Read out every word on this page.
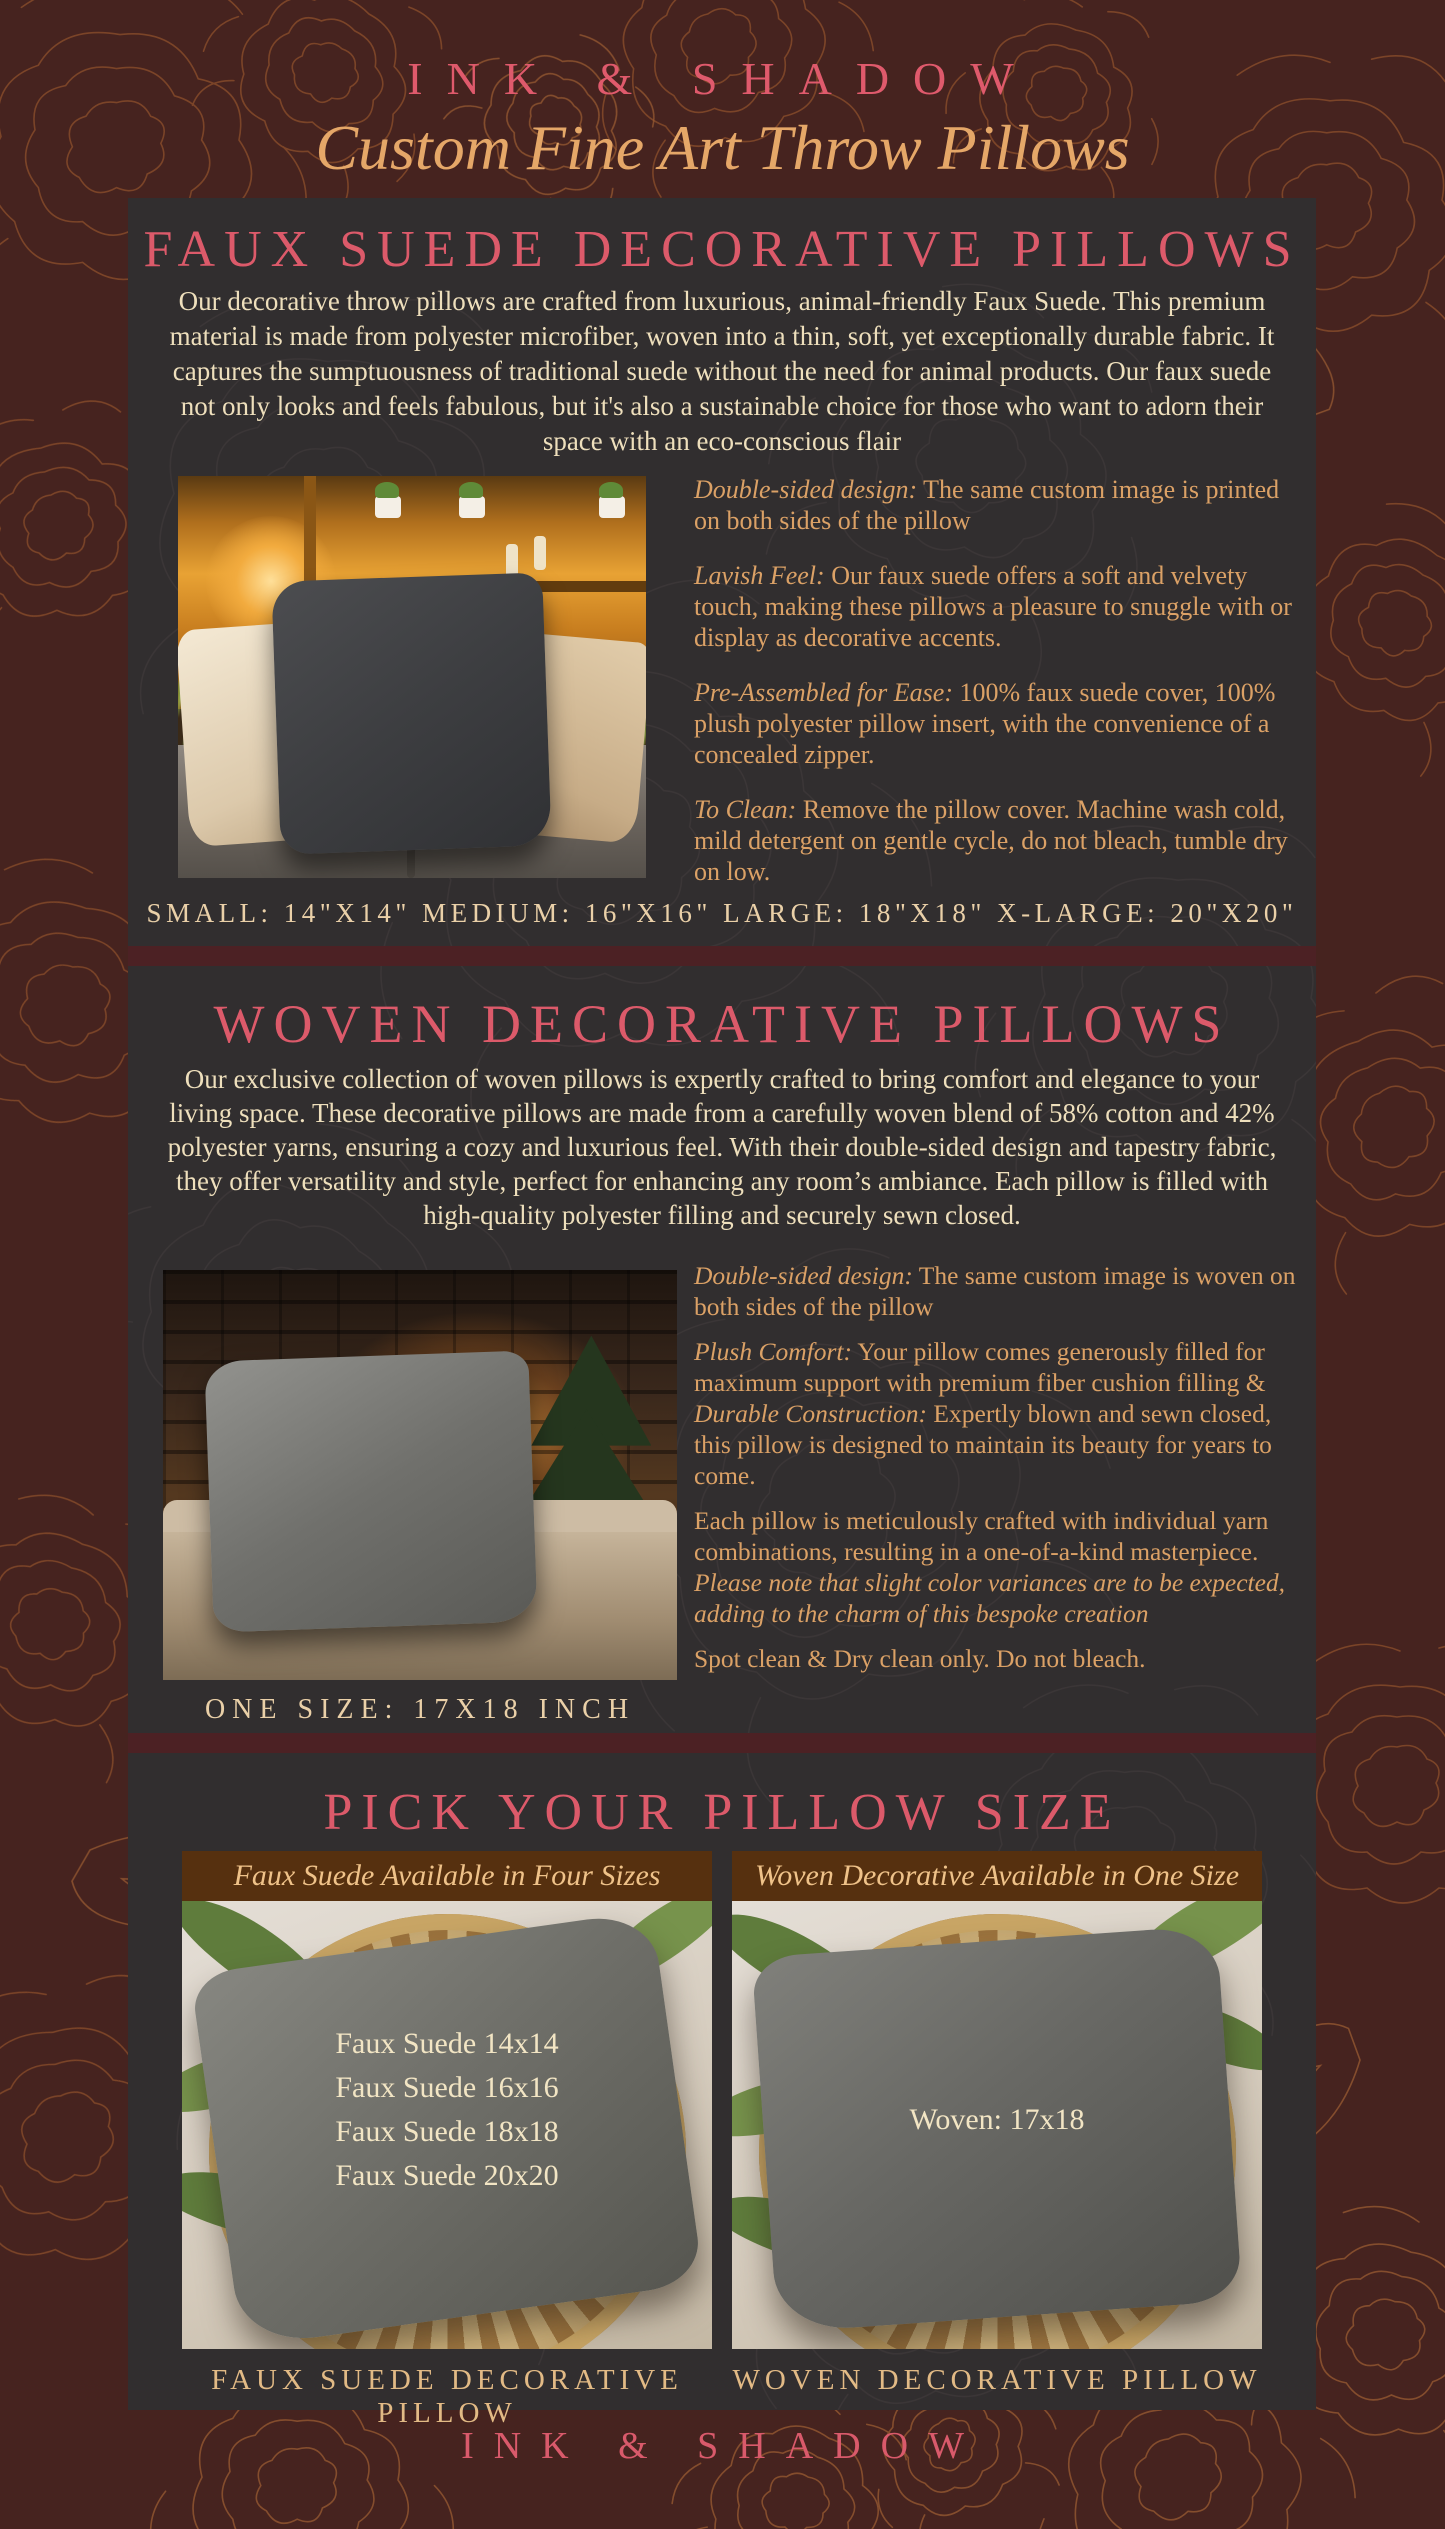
INK & SHADOW
Custom Fine Art Throw Pillows
FAUX SUEDE DECORATIVE PILLOWS

Our decorative throw pillows are crafted from luxurious, animal-friendly Faux Suede. This premium material is made from polyester microfiber, woven into a thin, soft, yet exceptionally durable fabric. It captures the sumptuousness of traditional suede without the need for animal products. Our faux suede not only looks and feels fabulous, but it's also a sustainable choice for those who want to adorn their space with an eco-conscious flair

Double-sided design: The same custom image is printed on both sides of the pillow

Lavish Feel: Our faux suede offers a soft and velvety touch, making these pillows a pleasure to snuggle with or display as decorative accents.

Pre-Assembled for Ease: 100% faux suede cover, 100% plush polyester pillow insert, with the convenience of a concealed zipper.

To Clean: Remove the pillow cover. Machine wash cold, mild detergent on gentle cycle, do not bleach, tumble dry on low.

SMALL: 14"X14" MEDIUM: 16"X16" LARGE: 18"X18" X-LARGE: 20"X20"
WOVEN DECORATIVE PILLOWS

Our exclusive collection of woven pillows is expertly crafted to bring comfort and elegance to your living space. These decorative pillows are made from a carefully woven blend of 58% cotton and 42% polyester yarns, ensuring a cozy and luxurious feel. With their double-sided design and tapestry fabric, they offer versatility and style, perfect for enhancing any room’s ambiance. Each pillow is filled with high-quality polyester filling and securely sewn closed.

Double-sided design: The same custom image is woven on both sides of the pillow

Plush Comfort: Your pillow comes generously filled for maximum support with premium fiber cushion filling & Durable Construction: Expertly blown and sewn closed, this pillow is designed to maintain its beauty for years to come.

Each pillow is meticulously crafted with individual yarn combinations, resulting in a one-of-a-kind masterpiece. Please note that slight color variances are to be expected, adding to the charm of this bespoke creation

Spot clean & Dry clean only. Do not bleach.

ONE SIZE: 17X18 INCH
PICK YOUR PILLOW SIZE
Faux Suede Available in Four Sizes	Woven Decorative Available in One Size
Faux Suede 14x14
Faux Suede 16x16
Faux Suede 18x18
Faux Suede 20x20
Woven: 17x18
FAUX SUEDE DECORATIVE PILLOW
WOVEN DECORATIVE PILLOW
INK & SHADOW
